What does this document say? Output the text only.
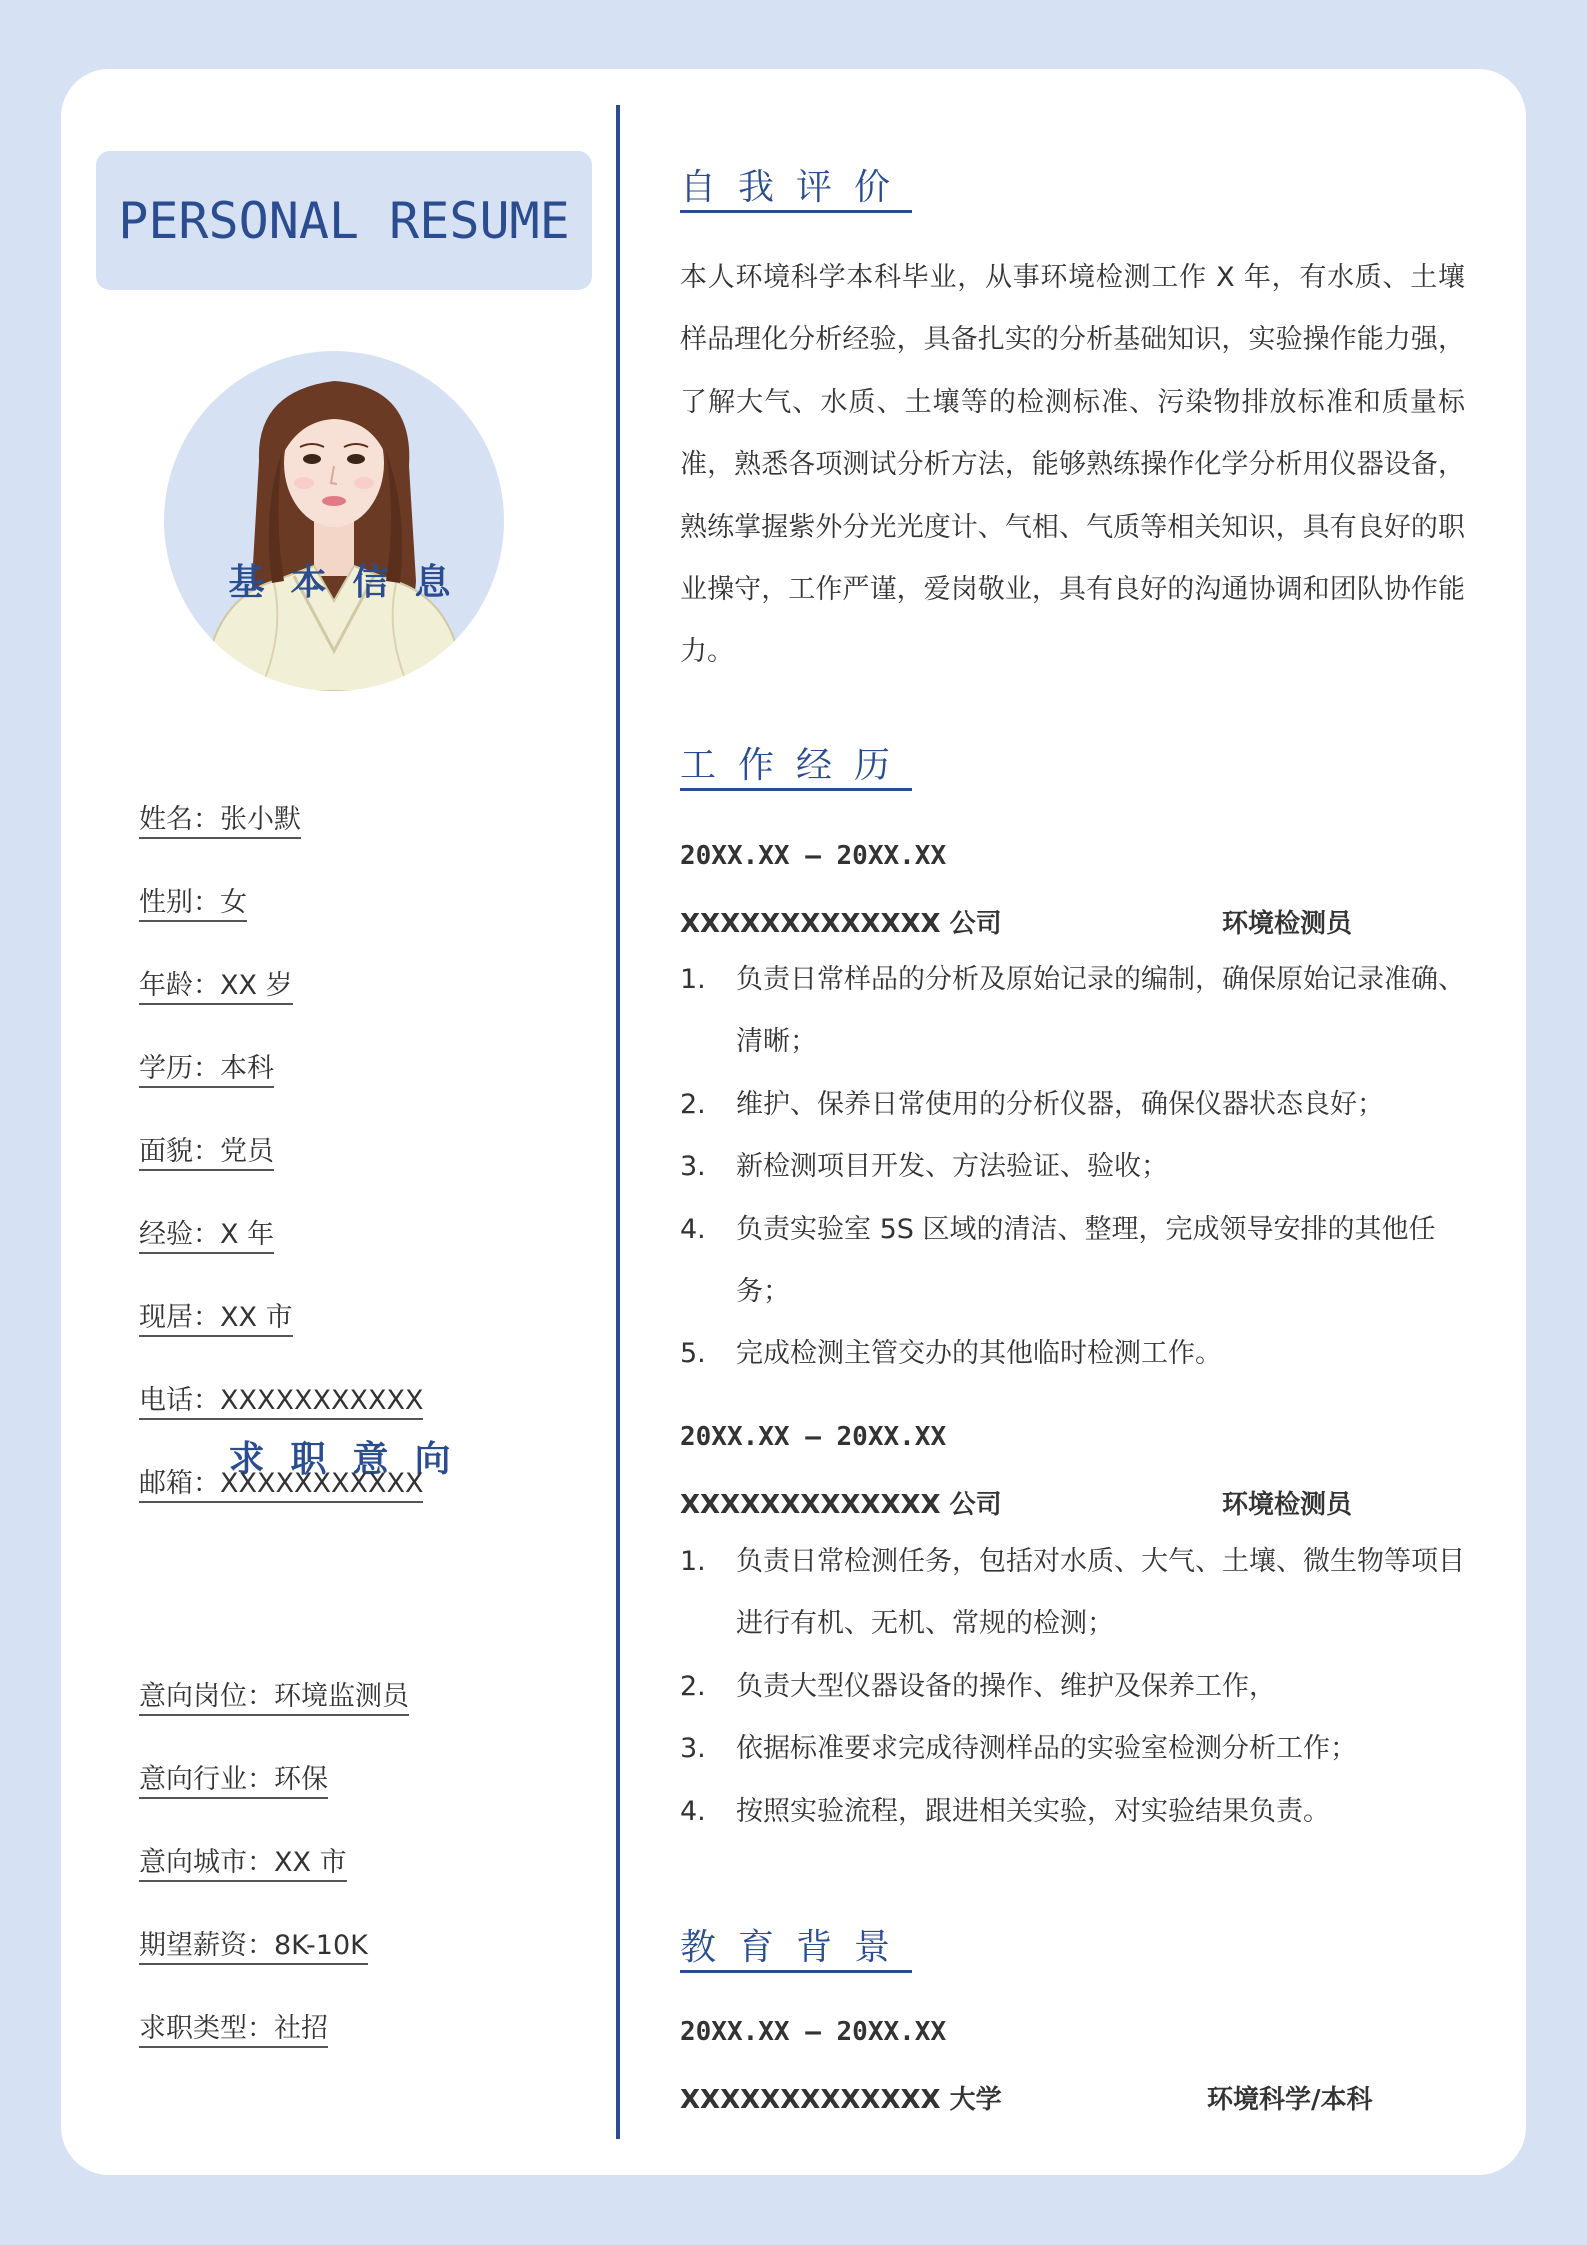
PERSONAL RESUME
基本信息
求职意向
自我评价
本人环境科学本科毕业，从事环境检测工作 X 年，有水质、土壤样品理化分析经验，具备扎实的分析基础知识，实验操作能力强，了解大气、水质、土壤等的检测标准、污染物排放标准和质量标准，熟悉各项测试分析方法，能够熟练操作化学分析用仪器设备， 熟练掌握紫外分光光度计、气相、气质等相关知识，具有良好的职业操守，工作严谨，爱岗敬业，具有良好的沟通协调和团队协作能力。
工作经历
20XX.XX – 20XX.XX
XXXXXXXXXXXXX 公司	环境检测员
1.	负责日常样品的分析及原始记录的编制，确保原始记录准确、清晰；
2.	维护、保养日常使用的分析仪器，确保仪器状态良好；
3.	新检测项目开发、方法验证、验收；
4.	负责实验室 5S 区域的清洁、整理，完成领导安排的其他任务；
5.	完成检测主管交办的其他临时检测工作。
20XX.XX – 20XX.XX
XXXXXXXXXXXXX 公司	环境检测员
1.	负责日常检测任务，包括对水质、大气、土壤、微生物等项目进行有机、无机、常规的检测；
2.	负责大型仪器设备的操作、维护及保养工作，
3.	依据标准要求完成待测样品的实验室检测分析工作；
4.	按照实验流程，跟进相关实验，对实验结果负责。
教育背景
20XX.XX – 20XX.XX
XXXXXXXXXXXXX 大学	环境科学/本科
姓名：张小默
性别：女
年龄：XX 岁
学历：本科
面貌：党员
经验：X 年
现居：XX 市
电话：XXXXXXXXXXX
邮箱：XXXXXXXXXXX
意向岗位：环境监测员
意向行业：环保
意向城市：XX 市
期望薪资：8K-10K
求职类型：社招
